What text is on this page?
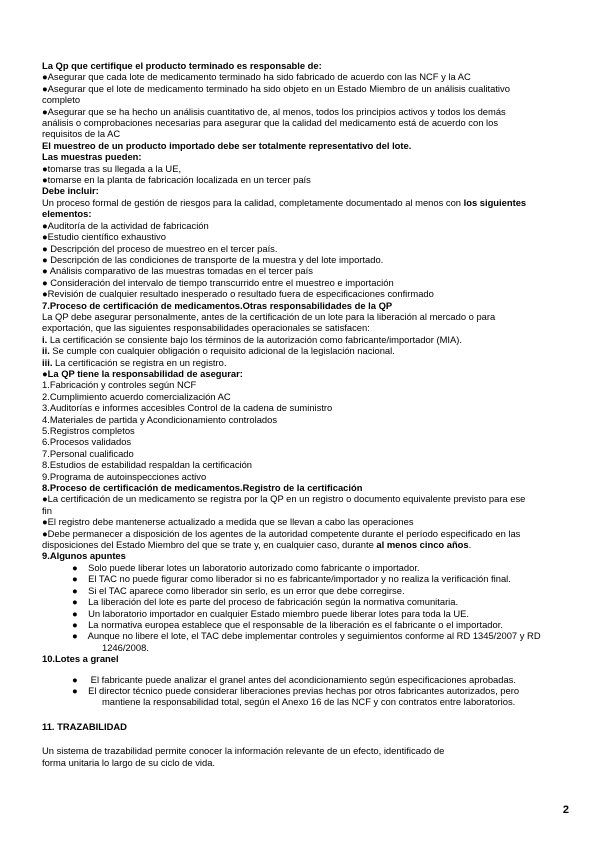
La Qp que certifique el producto terminado es responsable de:
●Asegurar que cada lote de medicamento terminado ha sido fabricado de acuerdo con las NCF y la AC
●Asegurar que el lote de medicamento terminado ha sido objeto en un Estado Miembro de un análisis cualitativo
completo
●Asegurar que se ha hecho un análisis cuantitativo de, al menos, todos los principios activos y todos los demás
análisis o comprobaciones necesarias para asegurar que la calidad del medicamento está de acuerdo con los
requisitos de la AC
El muestreo de un producto importado debe ser totalmente representativo del lote.
Las muestras pueden:
●tomarse tras su llegada a la UE,
●tomarse en la planta de fabricación localizada en un tercer país
Debe incluir:
Un proceso formal de gestión de riesgos para la calidad, completamente documentado al menos con los siguientes
elementos:
●Auditoría de la actividad de fabricación
●Estudio científico exhaustivo
● Descripción del proceso de muestreo en el tercer país.
● Descripción de las condiciones de transporte de la muestra y del lote importado.
● Análisis comparativo de las muestras tomadas en el tercer país
● Consideración del intervalo de tiempo transcurrido entre el muestreo e importación
●Revisión de cualquier resultado inesperado o resultado fuera de especificaciones confirmado
7.Proceso de certificación de medicamentos.Otras responsabilidades de la QP
La QP debe asegurar personalmente, antes de la certificación de un lote para la liberación al mercado o para
exportación, que las siguientes responsabilidades operacionales se satisfacen:
i. La certificación se consiente bajo los términos de la autorización como fabricante/importador (MIA).
ii. Se cumple con cualquier obligación o requisito adicional de la legislación nacional.
iii. La certificación se registra en un registro.
●La QP tiene la responsabilidad de asegurar:
1.Fabricación y controles según NCF
2.Cumplimiento acuerdo comercialización AC
3.Auditorías e informes accesibles Control de la cadena de suministro
4.Materiales de partida y Acondicionamiento controlados
5.Registros completos
6.Procesos validados
7.Personal cualificado
8.Estudios de estabilidad respaldan la certificación
9.Programa de autoinspecciones activo
8.Proceso de certificación de medicamentos.Registro de la certificación
●La certificación de un medicamento se registra por la QP en un registro o documento equivalente previsto para ese
fin
●El registro debe mantenerse actualizado a medida que se llevan a cabo las operaciones
●Debe permanecer a disposición de los agentes de la autoridad competente durante el período especificado en las
disposiciones del Estado Miembro del que se trate y, en cualquier caso, durante al menos cinco años.
9.Algunos apuntes
●    Solo puede liberar lotes un laboratorio autorizado como fabricante o importador.
●    El TAC no puede figurar como liberador si no es fabricante/importador y no realiza la verificación final.
●    Si el TAC aparece como liberador sin serlo, es un error que debe corregirse.
●    La liberación del lote es parte del proceso de fabricación según la normativa comunitaria.
●    Un laboratorio importador en cualquier Estado miembro puede liberar lotes para toda la UE.
●    La normativa europea establece que el responsable de la liberación es el fabricante o el importador.
●    Aunque no libere el lote, el TAC debe implementar controles y seguimientos conforme al RD 1345/2007 y RD
1246/2008.
10.Lotes a granel
●     El fabricante puede analizar el granel antes del acondicionamiento según especificaciones aprobadas.
●    El director técnico puede considerar liberaciones previas hechas por otros fabricantes autorizados, pero
mantiene la responsabilidad total, según el Anexo 16 de las NCF y con contratos entre laboratorios.
11. TRAZABILIDAD
Un sistema de trazabilidad permite conocer la información relevante de un efecto, identificado de
forma unitaria lo largo de su ciclo de vida.
2
